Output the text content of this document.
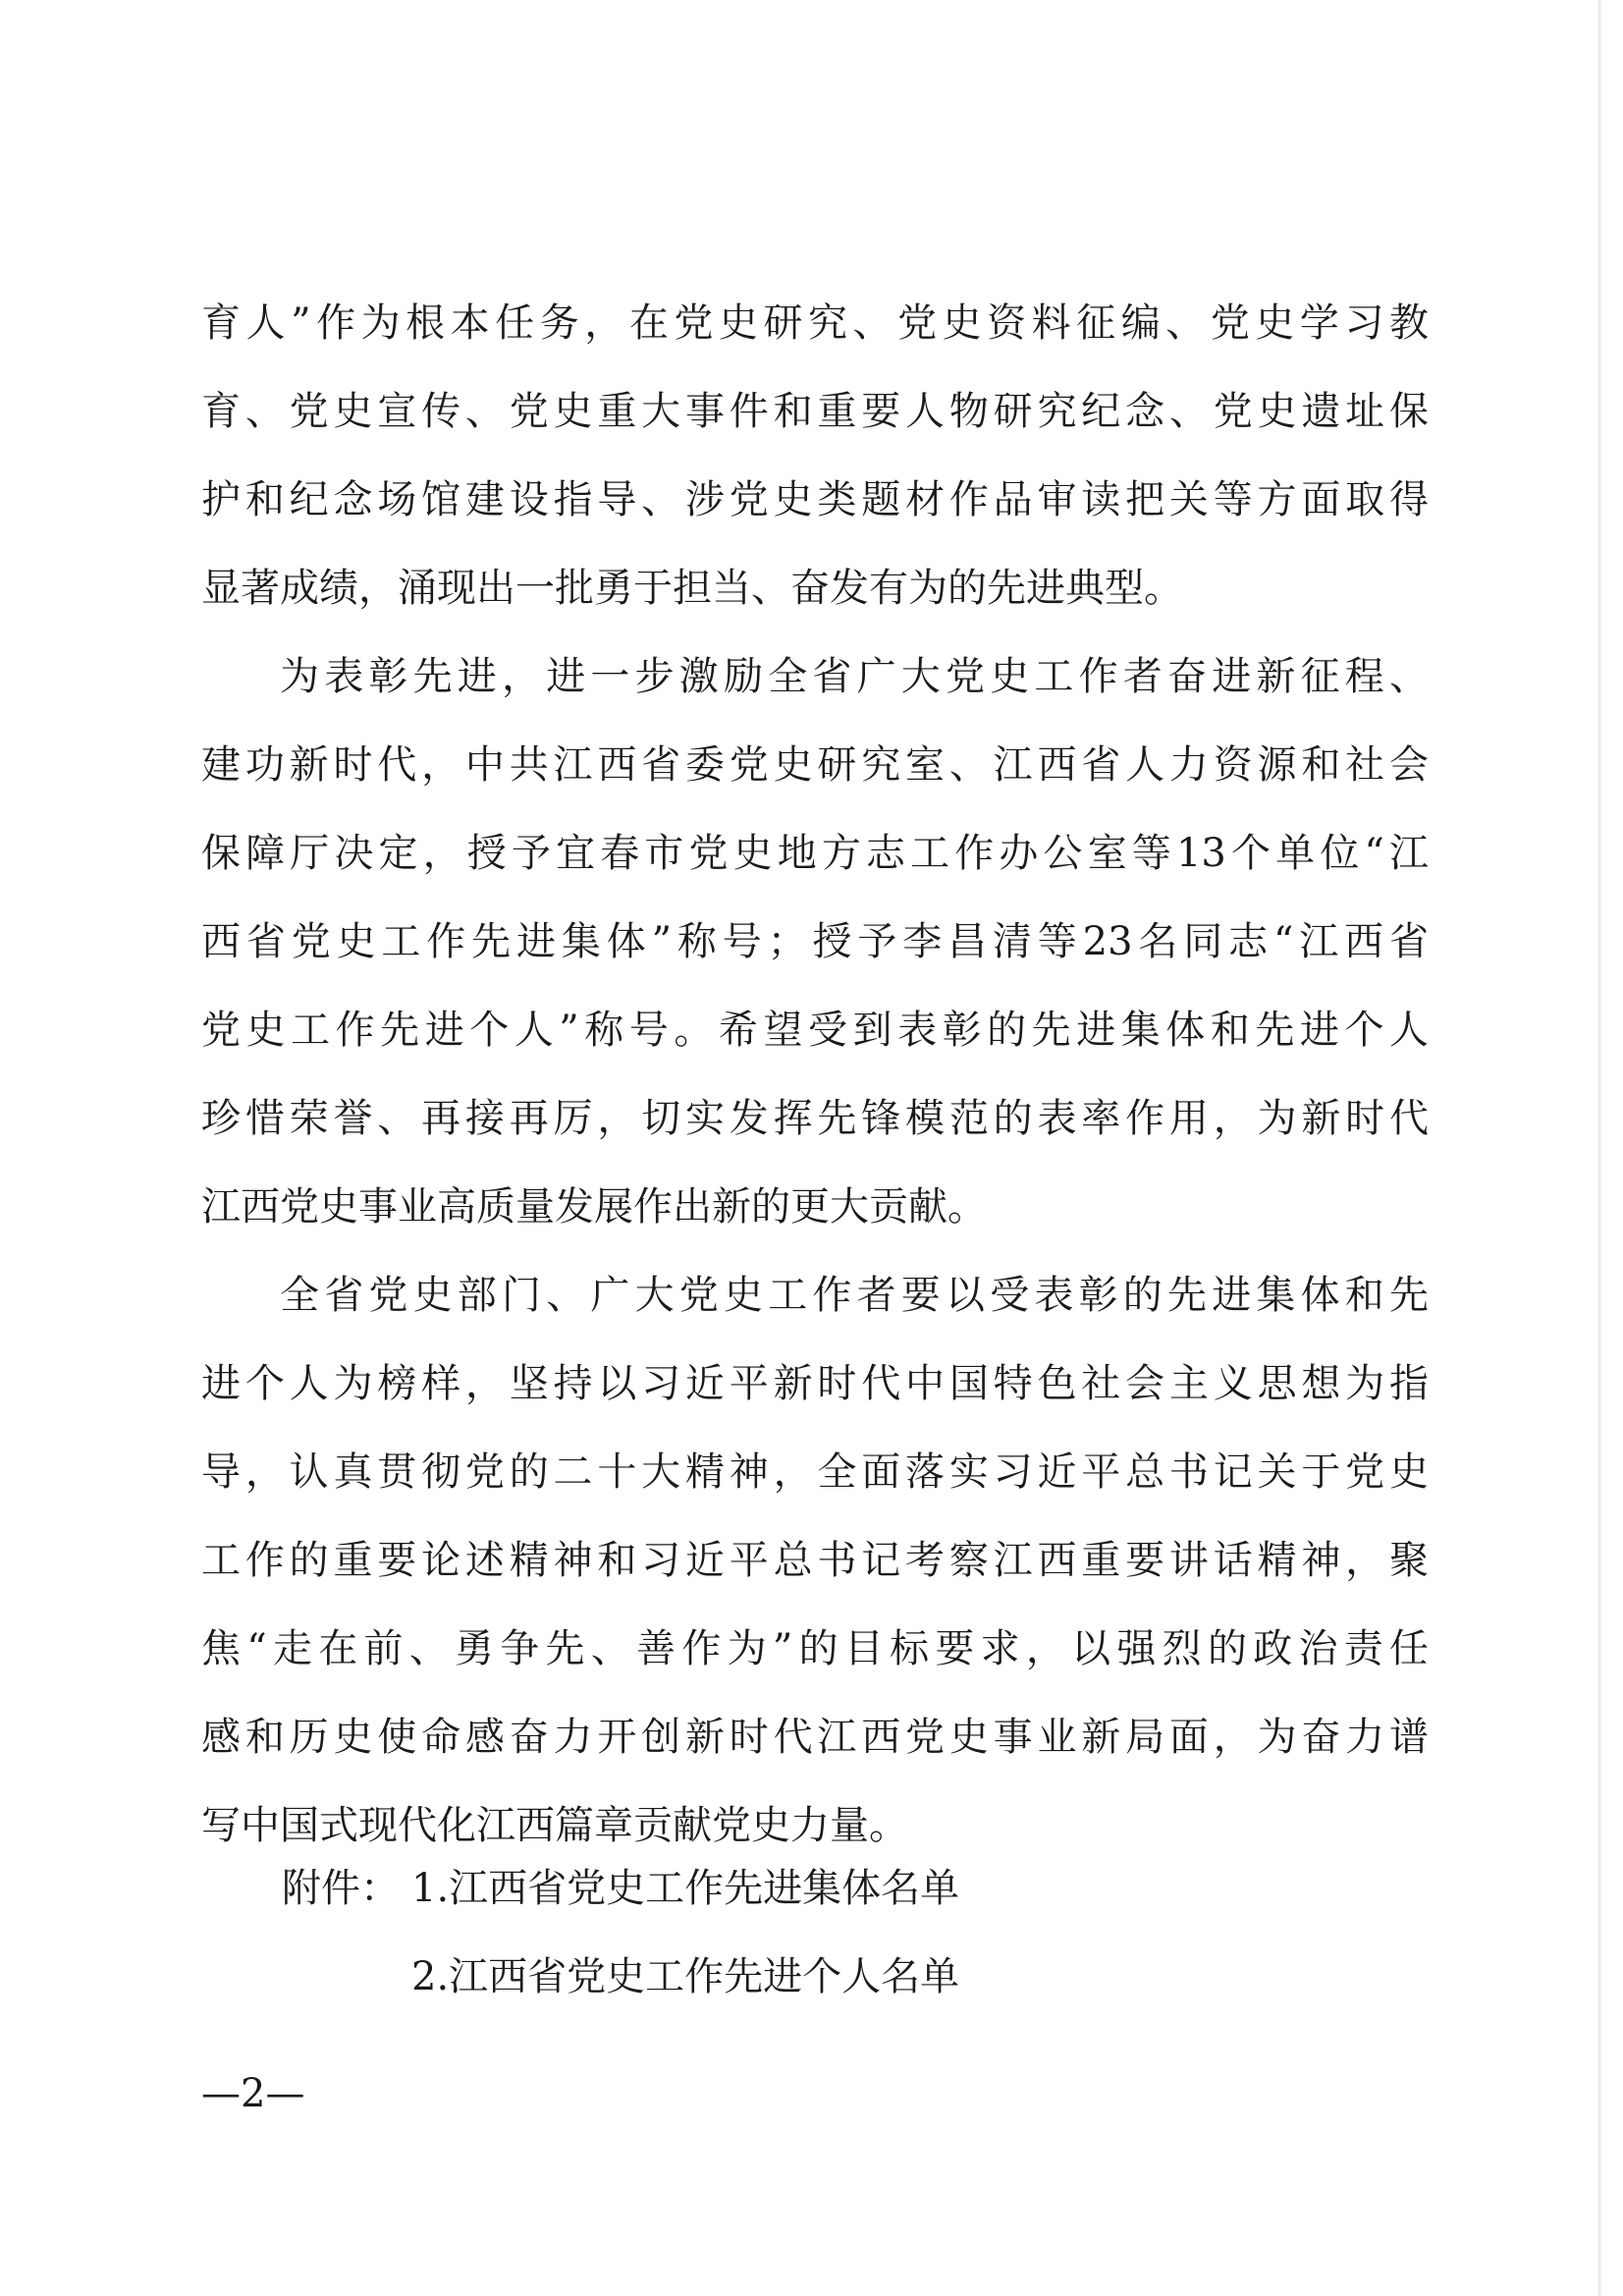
育人”作为根本任务，在党史研究、党史资料征编、党史学习教
育、党史宣传、党史重大事件和重要人物研究纪念、党史遗址保
护和纪念场馆建设指导、涉党史类题材作品审读把关等方面取得
显著成绩，涌现出一批勇于担当、奋发有为的先进典型。
为表彰先进，进一步激励全省广大党史工作者奋进新征程、
建功新时代，中共江西省委党史研究室、江西省人力资源和社会
保障厅决定，授予宜春市党史地方志工作办公室等13个单位“江
西省党史工作先进集体”称号；授予李昌清等23名同志“江西省
党史工作先进个人”称号。希望受到表彰的先进集体和先进个人
珍惜荣誉、再接再厉，切实发挥先锋模范的表率作用，为新时代
江西党史事业高质量发展作出新的更大贡献。
全省党史部门、广大党史工作者要以受表彰的先进集体和先
进个人为榜样，坚持以习近平新时代中国特色社会主义思想为指
导，认真贯彻党的二十大精神，全面落实习近平总书记关于党史
工作的重要论述精神和习近平总书记考察江西重要讲话精神，聚
焦“走在前、勇争先、善作为”的目标要求，以强烈的政治责任
感和历史使命感奋力开创新时代江西党史事业新局面，为奋力谱
写中国式现代化江西篇章贡献党史力量。
附件： 1.江西省党史工作先进集体名单
2.江西省党史工作先进个人名单
—2—
